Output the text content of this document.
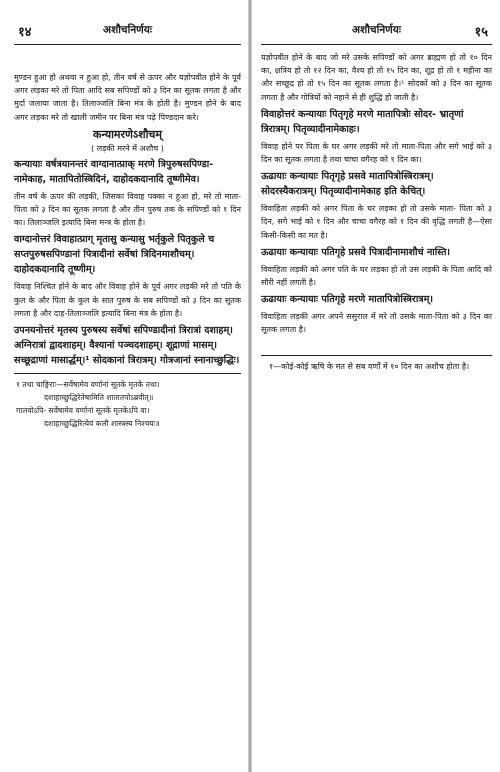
१४	अशौचनिर्णयः

मुण्डन हुआ हो अथवा न हुआ हो, तीन वर्ष से ऊपर और यज्ञोपवीत होने के पूर्व अगर लड़का मरे तो पिता आदि सब सपिण्डों को ३ दिन का सूतक लगता है और मुर्दा जलाया जाता है। तिलाञ्जलि बिना मंत्र के होती है। मुण्डन होने के बाद अगर लड़का मरे तो खाली जमीन पर बिना मंत्र पढ़े पिण्डदान करे।

कन्यामरणेऽशौचम्
( लड़की मरने में अशौच )

कन्यायाः वर्षत्रयानन्तरं वाग्दानात्प्राक् मरणे त्रिपुरुषसपिण्डा- नामेकाह, मातापितोस्त्रिदिनं, दाहोदकदानादि तूष्णीमेव।

तीन वर्ष के ऊपर की लड़की, जिसका विवाह पक्का न हुआ हो, मरे तो माता-पिता को ३ दिन का सूतक लगता है और तीन पुरुष तक के सपिण्डों को १ दिन का। तिलाञ्जलि इत्यादि बिना मन्त्र के होता है।

वाग्दानोत्तरं विवाहात्प्राग् मृतासु कन्यासु भर्तृकुले पितृकुले च सप्तपुरुषसपिण्डानां पित्रादीनां सर्वेषां त्रिदिनमाशौचम्। दाहोदकदानादि तूष्णीम्।

विवाह निश्चित होने के बाद और विवाह होने के पूर्व अगर लड़की मरे तो पति के कुल के और पिता के कुल के सात पुरुष के सब सपिण्डों को ३ दिन का सूतक लगता है और दाह-तिलाञ्जलि इत्यादि बिना मंत्र के होता है।

उपनयनोत्तरं मृतस्य पुरुषस्य सर्वेषां सपिण्डादीनां त्रिरात्रां दशाहम्। अग्निरात्रां द्वादशाहम्। वैश्यानां पञ्चदशाहम्। शूद्राणां मासम्। सच्छूद्राणां मासार्द्धम्।¹ सोदकानां त्रिरात्रम्। गोत्रजानां स्नानाच्छुद्धिः।

१ तथा चाङ्गिराः—सर्वेषामेव वर्णानां सूतके मृतके तथा।

दशाहाच्छुद्धिरेतेषामिति शातातपोऽब्रवीत्॥

गालवोऽपि- सर्वेषामेव वर्णानां सूतके मृतकेऽपि वा।

दशाहाच्छुद्धिरित्येवं कलौ शास्त्रस्य निश्चयः॥

अशौचनिर्णयः	१५

यज्ञोपवीत होने के बाद जो मरे उसके सपिण्डों को अगर ब्राह्मण हो तो १० दिन का, क्षत्रिय हो तो १२ दिन का, वैश्य हो तो १५ दिन का, शूद्र हो तो १ महीना का और सच्छूद्र हो तो १५ दिन का सूतक लगता है।¹ सोदकों को ३ दिन का सूतक लगता है और गोत्रियों को नहाने से ही शुद्धि हो जाती है।

विवाहोत्तरं कन्यायाः पितृगृहे मरणे मातापित्रोः सोदर- भ्रातृणां त्रिरात्रम्। पितृव्यादीनामेकाहः।

विवाह होने पर पिता के घर अगर लड़की मरे तो माता-पिता और सगे भाई को ३ दिन का सूतक लगता है तथा चाचा वगैरह को १ दिन का।

ऊढायाः कन्यायाः पितृगृहे प्रसवे मातापित्रोस्त्रिरात्रम्। सोदरस्यैकरात्रम्। पितृव्यादीनामेकाह इति केचित्।

विवाहिता लड़की को अगर पिता के घर लड़का हो तो उसके माता- पिता को ३ दिन, सगे भाई को १ दिन और चाचा वगैरह को १ दिन की वृद्धि लगती है—ऐसा किसी-किसी का मत है।

ऊढायाः कन्यायाः पतिगृहे प्रसवे पित्रादीनामाशौचं नास्ति।

विवाहिता लड़की को अगर पति के घर लड़का हो तो उस लड़की के पिता आदि को सौरी नहीं लगती है।

ऊढायाः कन्यायाः पतिगृहे मरणे मातापित्रोस्त्रिरात्रम्।

विवाहिता लड़की अगर अपने ससुराल में मरे तो उसके माता-पिता को ३ दिन का सूतक लगता है।

१—कोई-कोई ऋषि के मत से सब वर्णों में १० दिन का अशौच होता है।
